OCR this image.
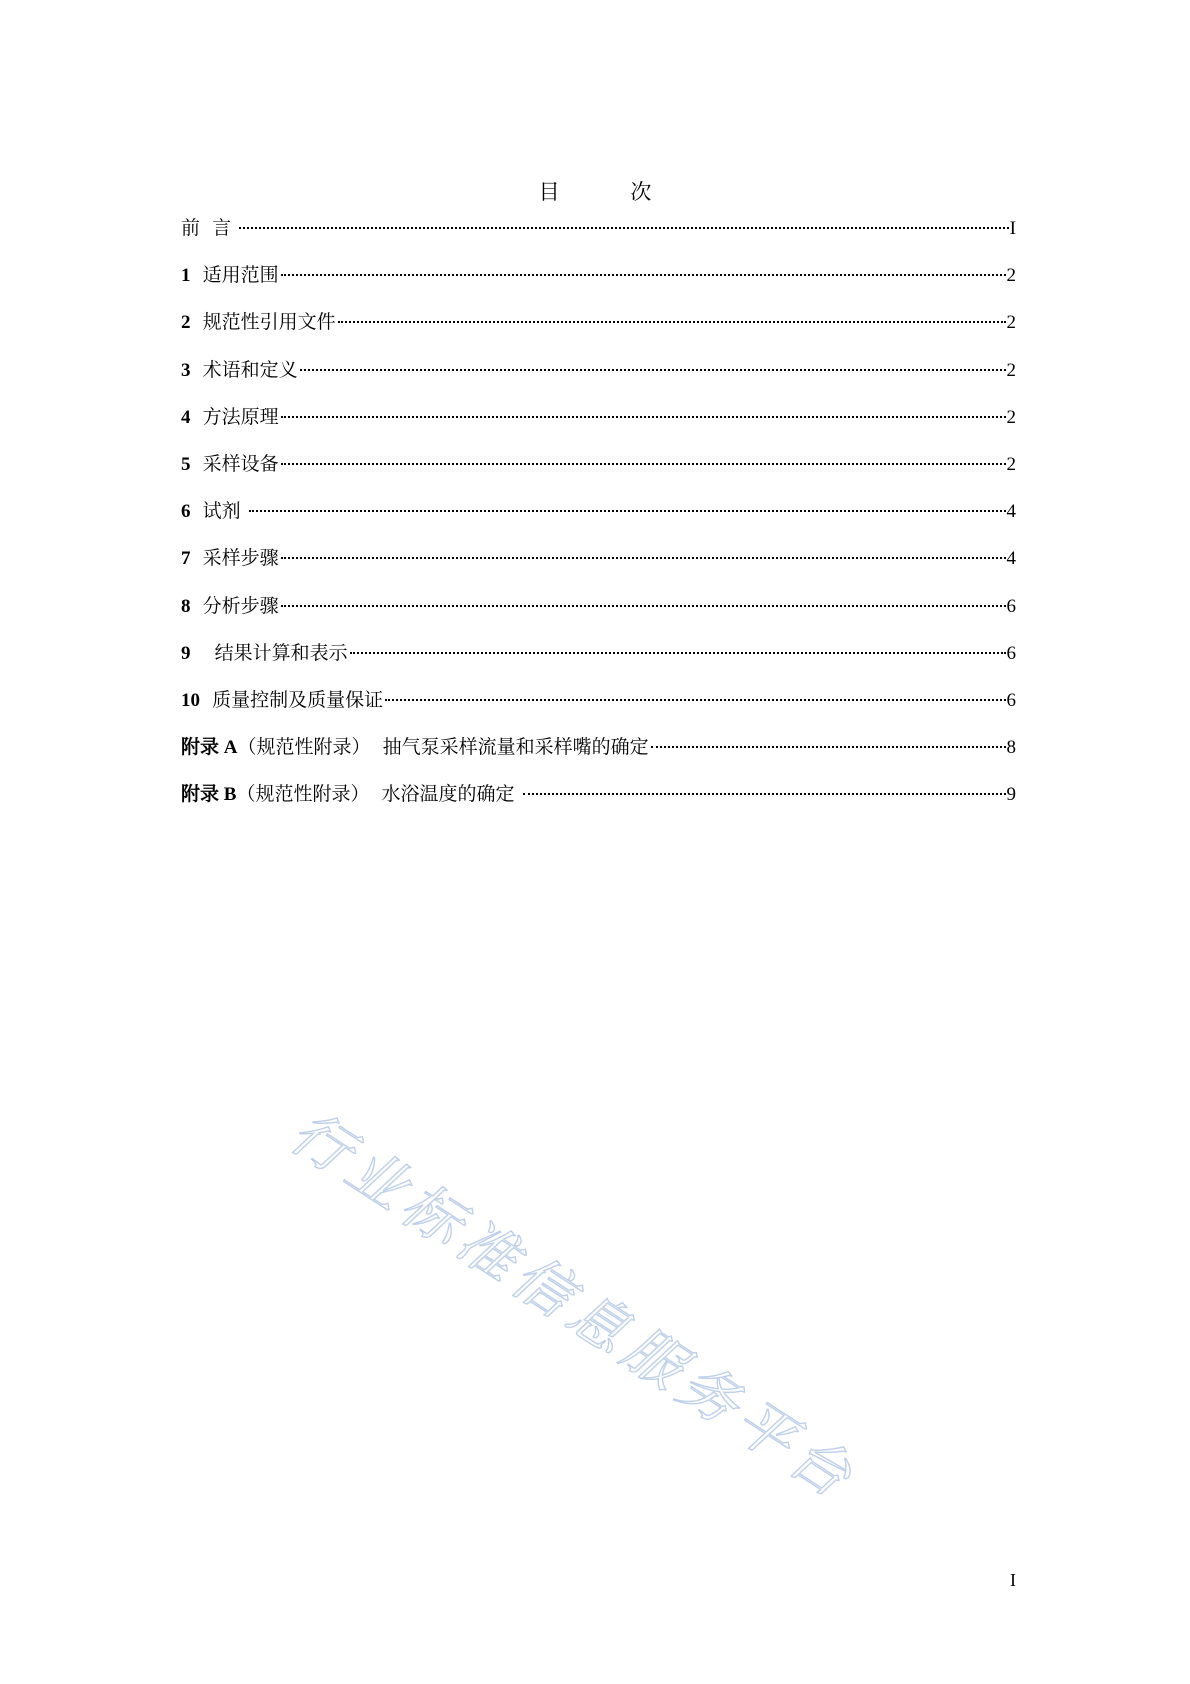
目 次
前 言	I
1 适用范围	2
2 规范性引用文件	2
3 术语和定义	2
4 方法原理	2
5 采样设备	2
6 试剂	4
7 采样步骤	4
8 分析步骤	6
9 结果计算和表示	6
10 质量控制及质量保证	6
附录 A （规范性附录）  抽气泵采样流量和采样嘴的确定	8
附录 B （规范性附录）  水浴温度的确定	9
行业标准信息服务平台
I
